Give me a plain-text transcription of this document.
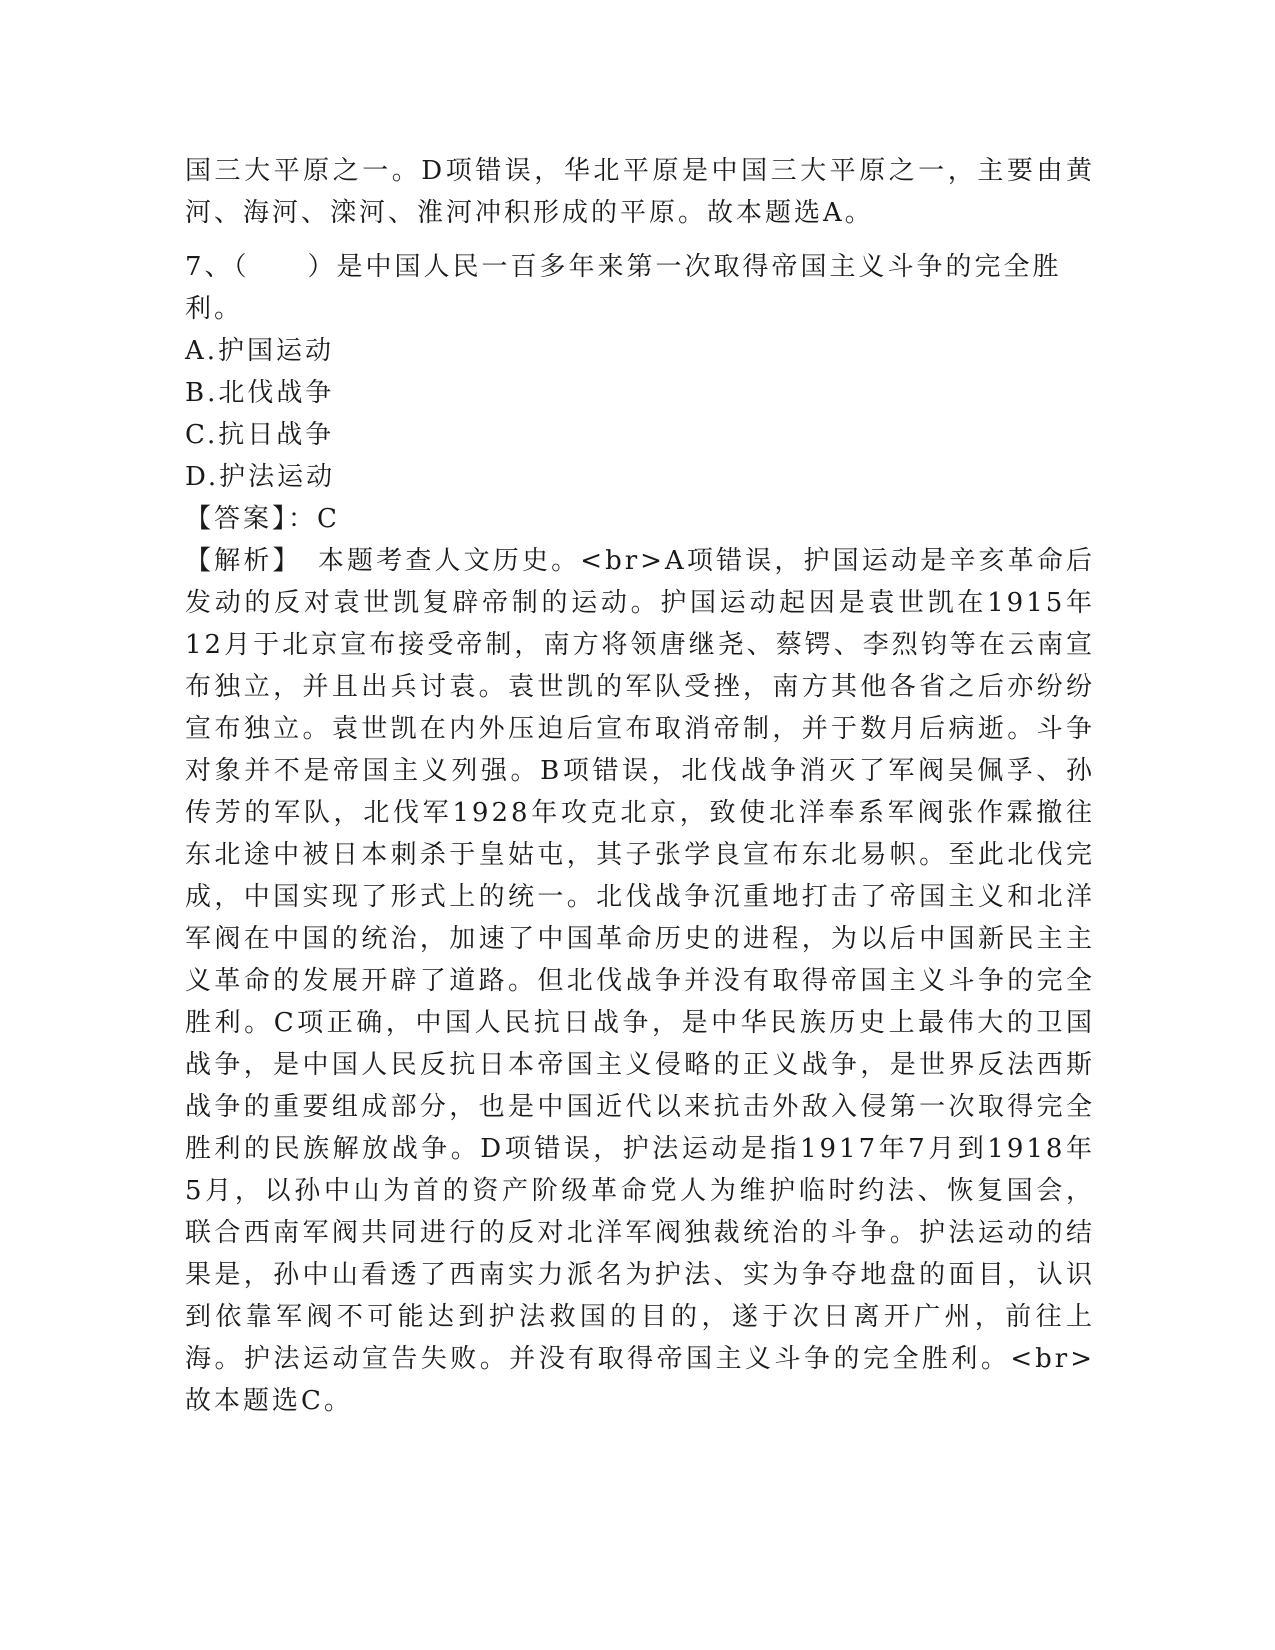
国三大平原之一。D项错误，华北平原是中国三大平原之一，主要由黄河、海河、滦河、淮河冲积形成的平原。故本题选A。

7、（　　）是中国人民一百多年来第一次取得帝国主义斗争的完全胜利。

A.护国运动
B.北伐战争
C.抗日战争
D.护法运动

【答案】：C

【解析】　 本题考查人文历史。<br>A项错误，护国运动是辛亥革命后发动的反对袁世凯复辟帝制的运动。护国运动起因是袁世凯在1915年12月于北京宣布接受帝制，南方将领唐继尧、蔡锷、李烈钧等在云南宣布独立，并且出兵讨袁。袁世凯的军队受挫，南方其他各省之后亦纷纷宣布独立。袁世凯在内外压迫后宣布取消帝制，并于数月后病逝。斗争对象并不是帝国主义列强。B项错误，北伐战争消灭了军阀吴佩孚、孙传芳的军队，北伐军1928年攻克北京，致使北洋奉系军阀张作霖撤往东北途中被日本刺杀于皇姑屯，其子张学良宣布东北易帜。至此北伐完成，中国实现了形式上的统一。北伐战争沉重地打击了帝国主义和北洋军阀在中国的统治，加速了中国革命历史的进程，为以后中国新民主主义革命的发展开辟了道路。但北伐战争并没有取得帝国主义斗争的完全胜利。C项正确，中国人民抗日战争，是中华民族历史上最伟大的卫国战争，是中国人民反抗日本帝国主义侵略的正义战争，是世界反法西斯战争的重要组成部分，也是中国近代以来抗击外敌入侵第一次取得完全胜利的民族解放战争。D项错误，护法运动是指1917年7月到1918年5月，以孙中山为首的资产阶级革命党人为维护临时约法、恢复国会，联合西南军阀共同进行的反对北洋军阀独裁统治的斗争。护法运动的结果是，孙中山看透了西南实力派名为护法、实为争夺地盘的面目，认识到依靠军阀不可能达到护法救国的目的，遂于次日离开广州，前往上海。护法运动宣告失败。并没有取得帝国主义斗争的完全胜利。<br>故本题选C。
